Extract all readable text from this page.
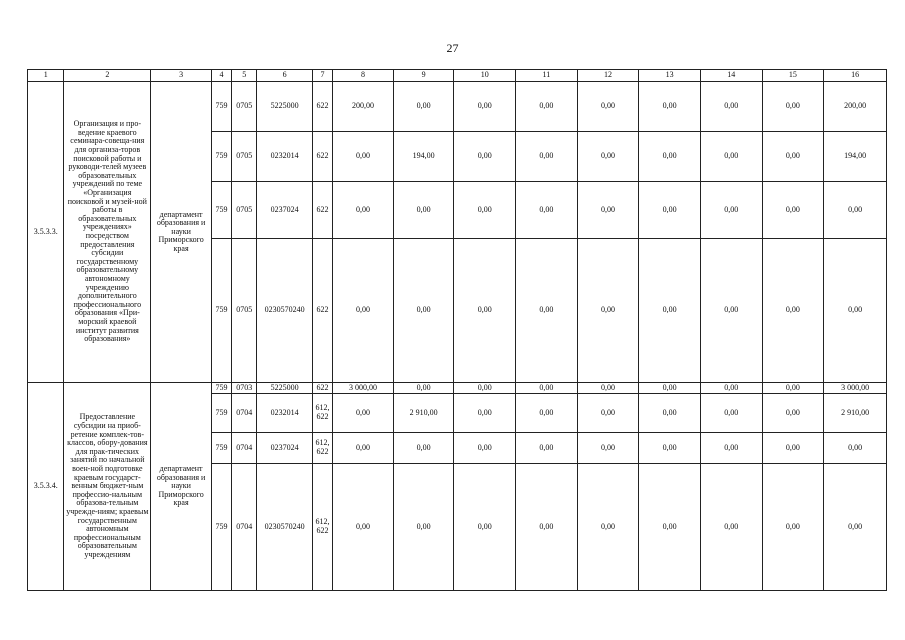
27
1	2	3	4	5	6	7	8	9	10	11	12	13	14	15	16
3.5.3.3.	Организация и про-ведение краевого семинара-совеща-ния для организа-торов поисковой работы и руководи-телей музеев образовательных учреждений по теме «Организация поисковой и музей-ной работы в образовательных учреждениях» посредством предоставления субсидии государственному образовательному автономному учреждению дополнительного профессионального образования «При-морский краевой институт развития образования»	департамент образования и науки Приморского края	759	0705	5225000	622	200,00	0,00	0,00	0,00	0,00	0,00	0,00	0,00	200,00
			759	0705	0232014	622	0,00	194,00	0,00	0,00	0,00	0,00	0,00	0,00	194,00
			759	0705	0237024	622	0,00	0,00	0,00	0,00	0,00	0,00	0,00	0,00	0,00
			759	0705	0230570240	622	0,00	0,00	0,00	0,00	0,00	0,00	0,00	0,00	0,00
3.5.3.4.	Предоставление субсидии на приоб-ретение комплек-тов-классов, обору-дования для прак-тических занятий по начальной воен-ной подготовке краевым государст-венным бюджет-ным профессио-нальным образова-тельным учрежде-ниям; краевым государственным автономным профессиональным образовательным учреждениям	департамент образования и науки Приморского края	759	0703	5225000	622	3 000,00	0,00	0,00	0,00	0,00	0,00	0,00	0,00	3 000,00
			759	0704	0232014	612, 622	0,00	2 910,00	0,00	0,00	0,00	0,00	0,00	0,00	2 910,00
			759	0704	0237024	612, 622	0,00	0,00	0,00	0,00	0,00	0,00	0,00	0,00	0,00
			759	0704	0230570240	612, 622	0,00	0,00	0,00	0,00	0,00	0,00	0,00	0,00	0,00
